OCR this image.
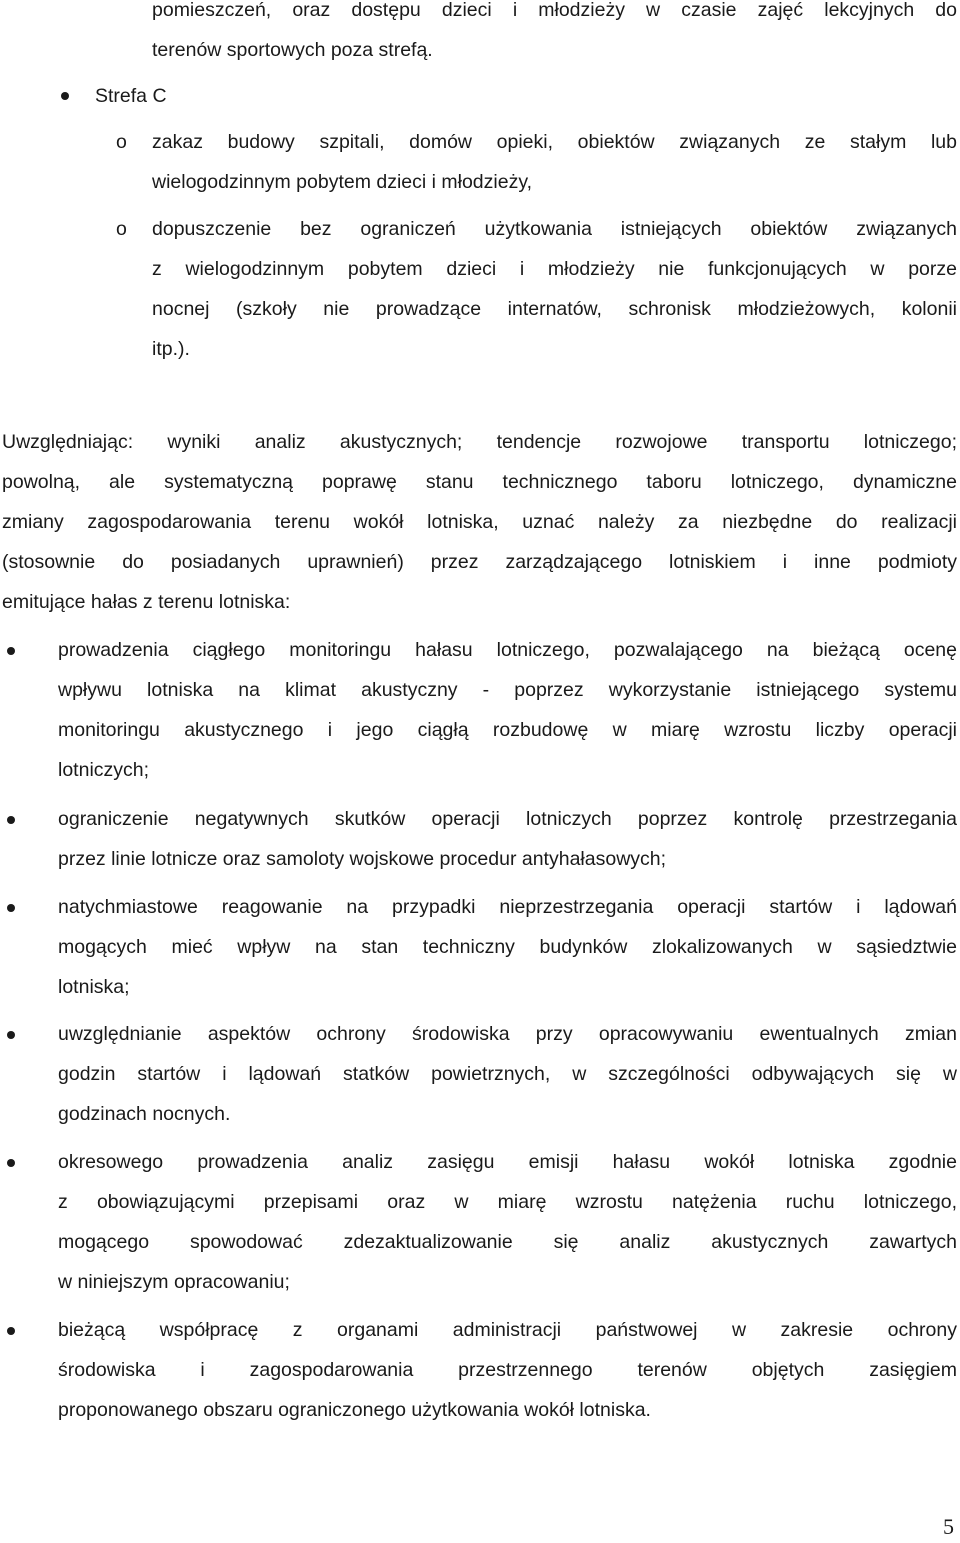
pomieszczeń, oraz dostępu dzieci i młodzieży w czasie zajęć lekcyjnych do
terenów sportowych poza strefą.
Strefa C
o zakaz budowy szpitali, domów opieki, obiektów związanych ze stałym lub
wielogodzinnym pobytem dzieci i młodzieży,
o dopuszczenie bez ograniczeń użytkowania istniejących obiektów związanych
z wielogodzinnym pobytem dzieci i młodzieży nie funkcjonujących w porze
nocnej (szkoły nie prowadzące internatów, schronisk młodzieżowych, kolonii
itp.).
Uwzględniając: wyniki analiz akustycznych; tendencje rozwojowe transportu lotniczego;
powolną, ale systematyczną poprawę stanu technicznego taboru lotniczego, dynamiczne
zmiany zagospodarowania terenu wokół lotniska, uznać należy za niezbędne do realizacji
(stosownie do posiadanych uprawnień) przez zarządzającego lotniskiem i inne podmioty
emitujące hałas z terenu lotniska:
prowadzenia ciągłego monitoringu hałasu lotniczego, pozwalającego na bieżącą ocenę
wpływu lotniska na klimat akustyczny - poprzez wykorzystanie istniejącego systemu
monitoringu akustycznego i jego ciągłą rozbudowę w miarę wzrostu liczby operacji
lotniczych;
ograniczenie negatywnych skutków operacji lotniczych poprzez kontrolę przestrzegania
przez linie lotnicze oraz samoloty wojskowe procedur antyhałasowych;
natychmiastowe reagowanie na przypadki nieprzestrzegania operacji startów i lądowań
mogących mieć wpływ na stan techniczny budynków zlokalizowanych w sąsiedztwie
lotniska;
uwzględnianie aspektów ochrony środowiska przy opracowywaniu ewentualnych zmian
godzin startów i lądowań statków powietrznych, w szczególności odbywających się w
godzinach nocnych.
okresowego prowadzenia analiz zasięgu emisji hałasu wokół lotniska zgodnie
z obowiązującymi przepisami oraz w miarę wzrostu natężenia ruchu lotniczego,
mogącego spowodować zdezaktualizowanie się analiz akustycznych zawartych
w niniejszym opracowaniu;
bieżącą współpracę z organami administracji państwowej w zakresie ochrony
środowiska i zagospodarowania przestrzennego terenów objętych zasięgiem
proponowanego obszaru ograniczonego użytkowania wokół lotniska.
5
